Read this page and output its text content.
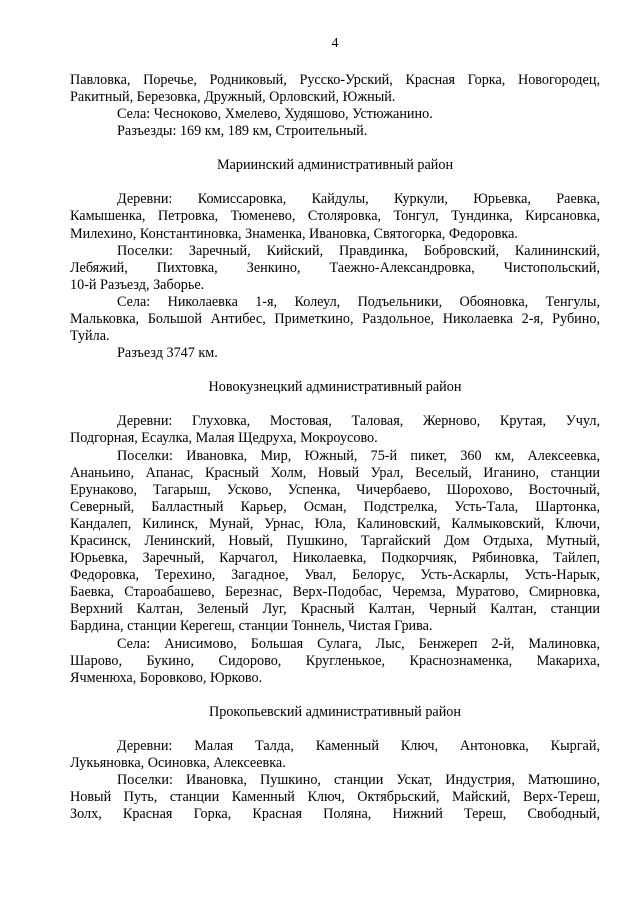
4
Павловка, Поречье, Родниковый, Русско-Урский, Красная Горка, Новогородец,
Ракитный, Березовка, Дружный, Орловский, Южный.
Села: Чесноково, Хмелево, Худяшово, Устюжанино.
Разъезды: 169 км, 189 км, Строительный.
Мариинский административный район
Деревни: Комиссаровка, Кайдулы, Куркули, Юрьевка, Раевка,
Камышенка, Петровка, Тюменево, Столяровка, Тонгул, Тундинка, Кирсановка,
Милехино, Константиновка, Знаменка, Ивановка, Святогорка, Федоровка.
Поселки: Заречный, Кийский, Правдинка, Бобровский, Калининский,
Лебяжий, Пихтовка, Зенкино, Таежно-Александровка, Чистопольский,
10-й Разъезд, Заборье.
Села: Николаевка 1-я, Колеул, Подъельники, Обояновка, Тенгулы,
Мальковка, Большой Антибес, Приметкино, Раздольное, Николаевка 2-я, Рубино,
Туйла.
Разъезд 3747 км.
Новокузнецкий административный район
Деревни: Глуховка, Мостовая, Таловая, Жерново, Крутая, Учул,
Подгорная, Есаулка, Малая Щедруха, Мокроусово.
Поселки: Ивановка, Мир, Южный, 75-й пикет, 360 км, Алексеевка,
Ананьино, Апанас, Красный Холм, Новый Урал, Веселый, Иганино, станции
Ерунаково, Тагарыш, Усково, Успенка, Чичербаево, Шорохово, Восточный,
Северный, Балластный Карьер, Осман, Подстрелка, Усть-Тала, Шартонка,
Кандалеп, Килинск, Мунай, Урнас, Юла, Калиновский, Калмыковский, Ключи,
Красинск, Ленинский, Новый, Пушкино, Таргайский Дом Отдыха, Мутный,
Юрьевка, Заречный, Карчагол, Николаевка, Подкорчияк, Рябиновка, Тайлеп,
Федоровка, Терехино, Загадное, Увал, Белорус, Усть-Аскарлы, Усть-Нарык,
Баевка, Староабашево, Березнас, Верх-Подобас, Черемза, Муратово, Смирновка,
Верхний Калтан, Зеленый Луг, Красный Калтан, Черный Калтан, станции
Бардина, станции Керегеш, станции Тоннель, Чистая Грива.
Села: Анисимово, Большая Сулага, Лыс, Бенжереп 2-й, Малиновка,
Шарово, Букино, Сидорово, Кругленькое, Краснознаменка, Макариха,
Ячменюха, Боровково, Юрково.
Прокопьевский административный район
Деревни: Малая Талда, Каменный Ключ, Антоновка, Кыргай,
Лукьяновка, Осиновка, Алексеевка.
Поселки: Ивановка, Пушкино, станции Ускат, Индустрия, Матюшино,
Новый Путь, станции Каменный Ключ, Октябрьский, Майский, Верх-Тереш,
Золх, Красная Горка, Красная Поляна, Нижний Тереш, Свободный,
